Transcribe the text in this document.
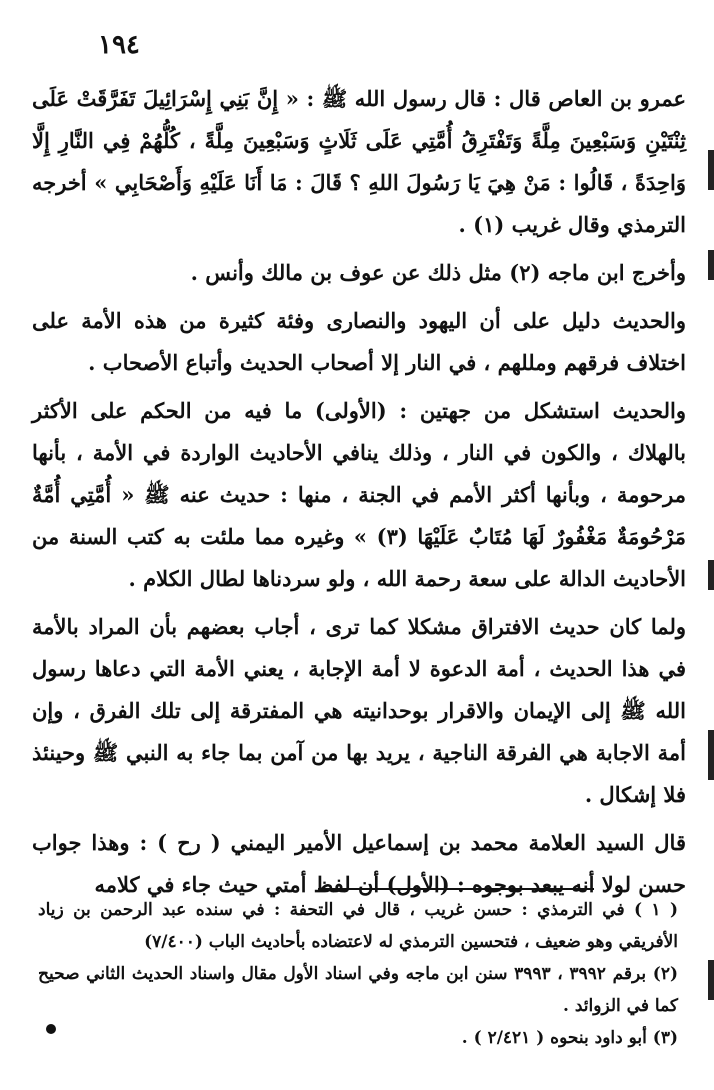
١٩٤

عمرو بن العاص قال : قال رسول الله ﷺ : « إِنَّ بَنِي إِسْرَائِيلَ تَفَرَّقَتْ عَلَى ثِنْتَيْنِ وَسَبْعِينَ مِلَّةً وَتَفْتَرِقُ أُمَّتِي عَلَى ثَلَاثٍ وَسَبْعِينَ مِلَّةً ، كُلُّهُمْ فِي النَّارِ إِلَّا وَاحِدَةً ، قَالُوا : مَنْ هِيَ يَا رَسُولَ اللهِ ؟ قَالَ : مَا أَنَا عَلَيْهِ وَأَصْحَابِي » أخرجه الترمذي وقال غريب (١) .

وأخرج ابن ماجه (٢) مثل ذلك عن عوف بن مالك وأنس .

والحديث دليل على أن اليهود والنصارى وفئة كثيرة من هذه الأمة على اختلاف فرقهم ومللهم ، في النار إلا أصحاب الحديث وأتباع الأصحاب .

والحديث استشكل من جهتين : (الأولى) ما فيه من الحكم على الأكثر بالهلاك ، والكون في النار ، وذلك ينافي الأحاديث الواردة في الأمة ، بأنها مرحومة ، وبأنها أكثر الأمم في الجنة ، منها : حديث عنه ﷺ « أُمَّتِي أُمَّةٌ مَرْحُومَةٌ مَغْفُورٌ لَهَا مُتَابٌ عَلَيْهَا (٣) » وغيره مما ملئت به كتب السنة من الأحاديث الدالة على سعة رحمة الله ، ولو سردناها لطال الكلام .

ولما كان حديث الافتراق مشكلا كما ترى ، أجاب بعضهم بأن المراد بالأمة في هذا الحديث ، أمة الدعوة لا أمة الإجابة ، يعني الأمة التي دعاها رسول الله ﷺ إلى الإيمان والاقرار بوحدانيته هي المفترقة إلى تلك الفرق ، وإن أمة الاجابة هي الفرقة الناجية ، يريد بها من آمن بما جاء به النبي ﷺ وحينئذ فلا إشكال .

قال السيد العلامة محمد بن إسماعيل الأمير اليمني ( رح ) : وهذا جواب حسن لولا أنه يبعد بوجوه : (الأول) أن لفظ أمتي حيث جاء في كلامه

( ١ ) في الترمذي : حسن غريب ، قال في التحفة : في سنده عبد الرحمن بن زياد الأفريقي وهو ضعيف ، فتحسين الترمذي له لاعتضاده بأحاديث الباب (٧/٤٠٠)
(٢) برقم ٣٩٩٢ ، ٣٩٩٣ سنن ابن ماجه وفي اسناد الأول مقال واسناد الحديث الثاني صحيح كما في الزوائد .
(٣) أبو داود بنحوه ( ٢/٤٢١ ) .
